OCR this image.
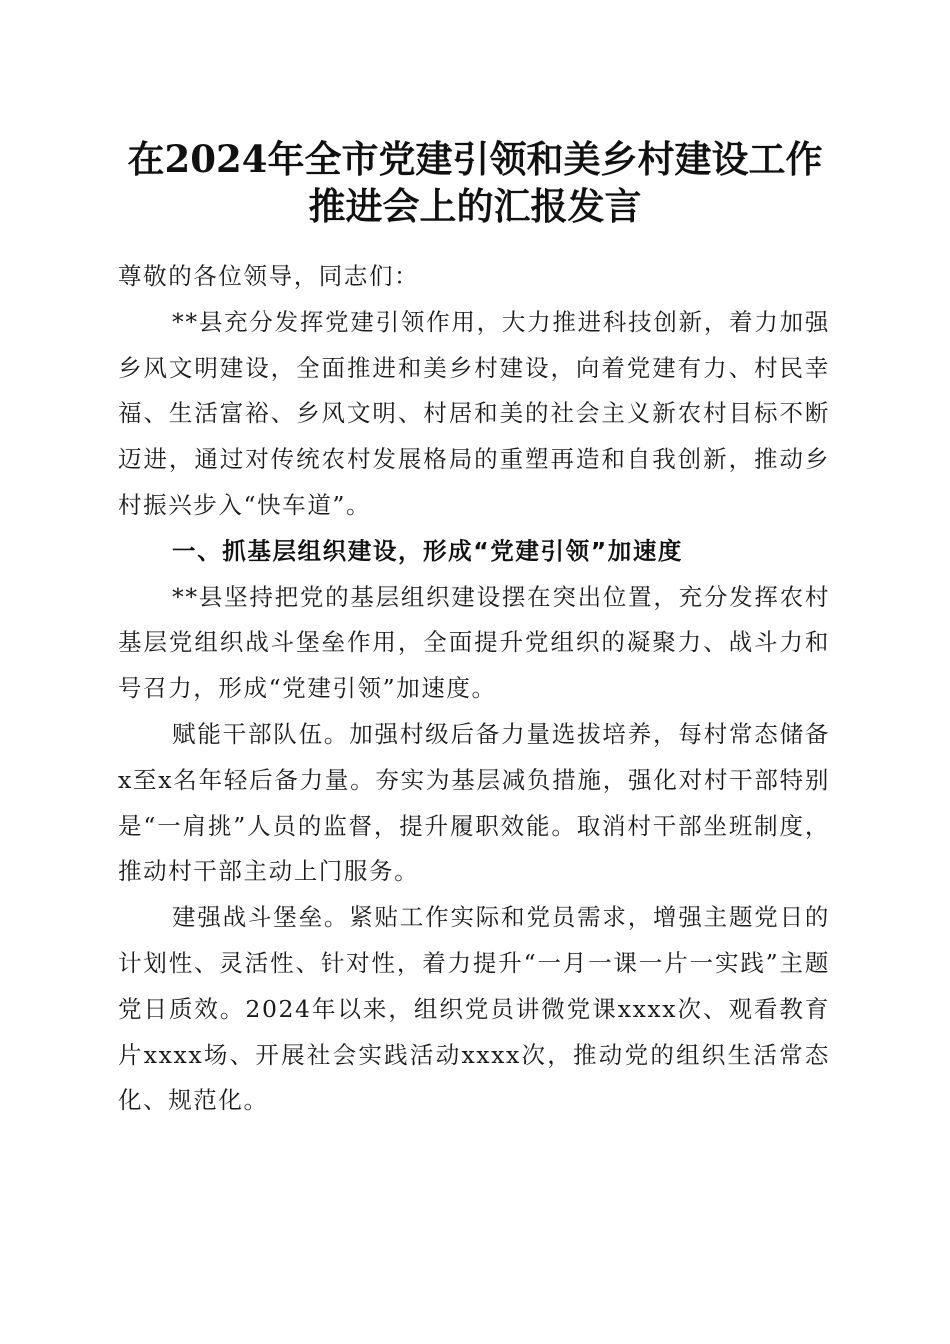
在2024年全市党建引领和美乡村建设工作推进会上的汇报发言

尊敬的各位领导，同志们：

**县充分发挥党建引领作用，大力推进科技创新，着力加强乡风文明建设，全面推进和美乡村建设，向着党建有力、村民幸福、生活富裕、乡风文明、村居和美的社会主义新农村目标不断迈进，通过对传统农村发展格局的重塑再造和自我创新，推动乡村振兴步入“快车道”。

一、抓基层组织建设，形成“党建引领”加速度

**县坚持把党的基层组织建设摆在突出位置，充分发挥农村基层党组织战斗堡垒作用，全面提升党组织的凝聚力、战斗力和号召力，形成“党建引领”加速度。

赋能干部队伍。加强村级后备力量选拔培养，每村常态储备x至x名年轻后备力量。夯实为基层减负措施，强化对村干部特别是“一肩挑”人员的监督，提升履职效能。取消村干部坐班制度，推动村干部主动上门服务。

建强战斗堡垒。紧贴工作实际和党员需求，增强主题党日的计划性、灵活性、针对性，着力提升“一月一课一片一实践”主题党日质效。2024年以来，组织党员讲微党课xxxx次、观看教育片xxxx场、开展社会实践活动xxxx次，推动党的组织生活常态化、规范化。
